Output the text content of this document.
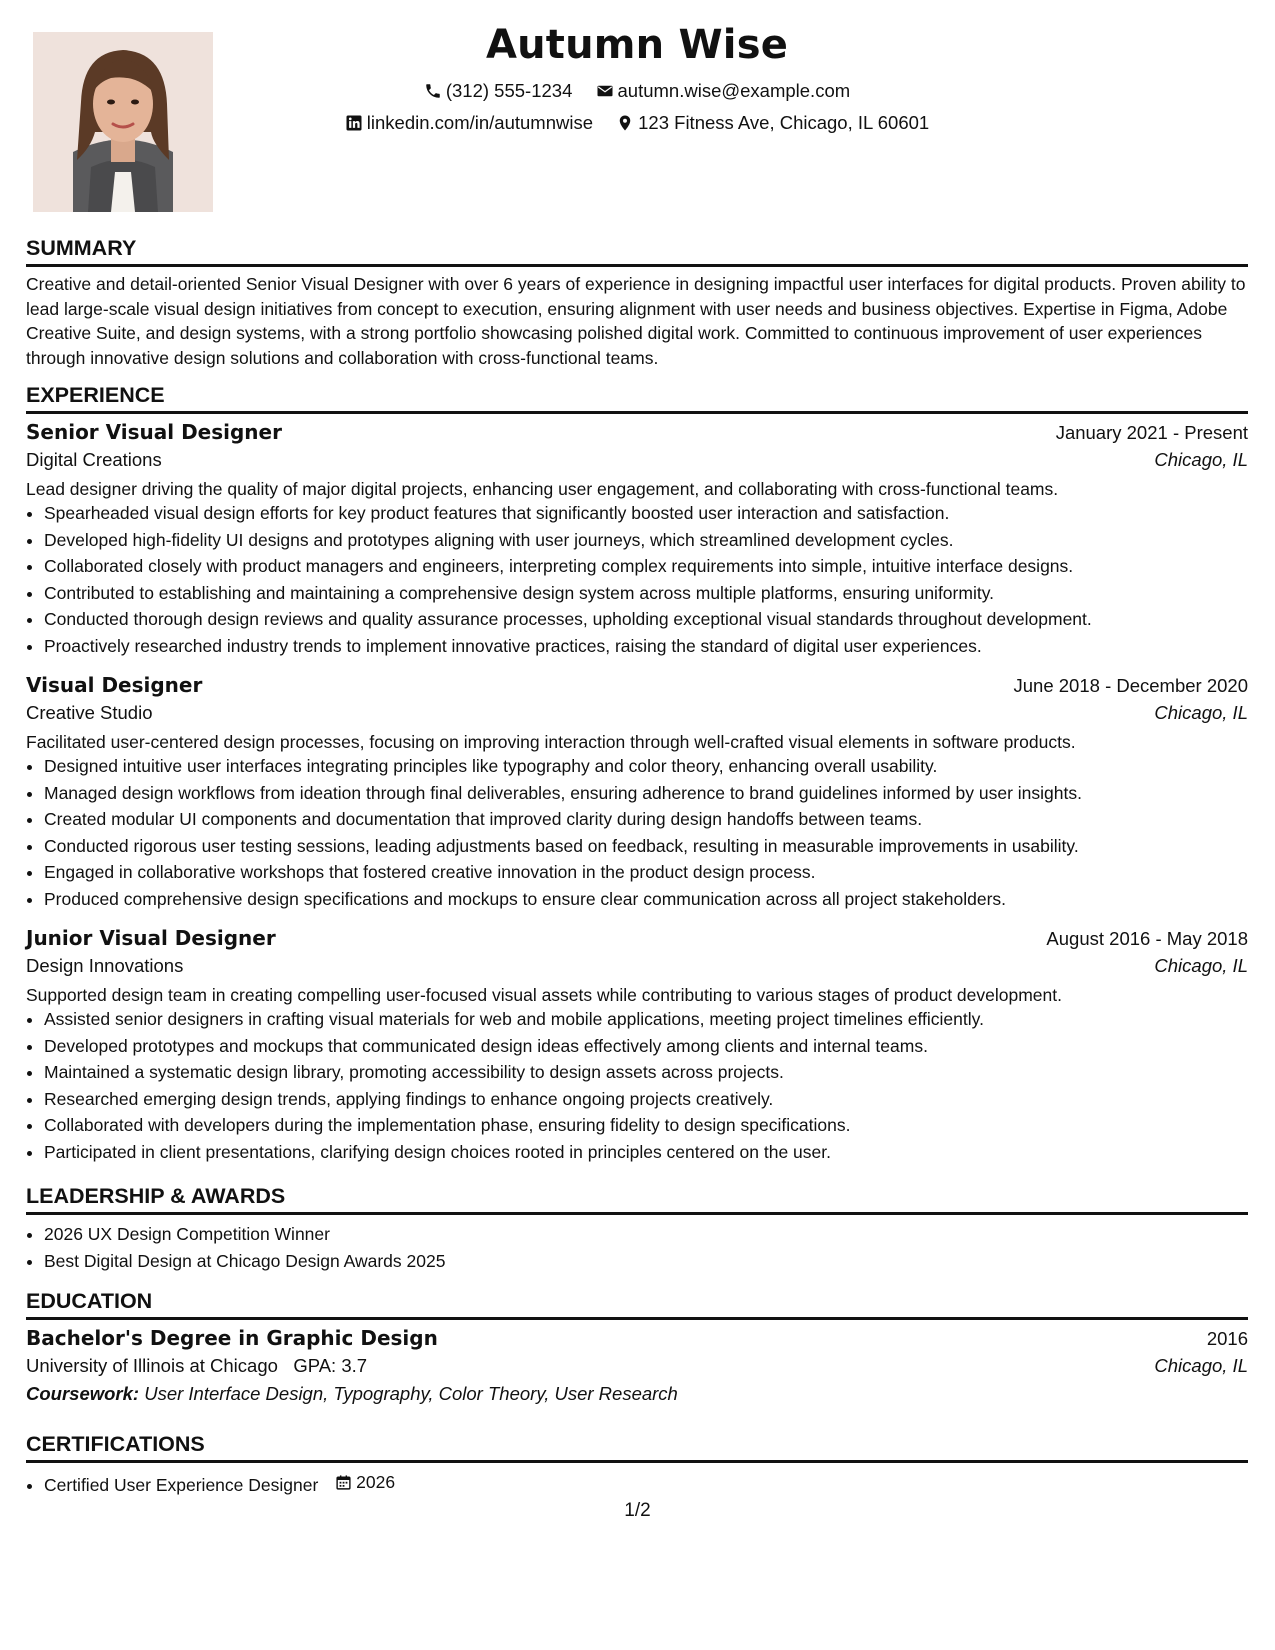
Autumn Wise
(312) 555-1234
autumn.wise@example.com
linkedin.com/in/autumnwise
123 Fitness Ave, Chicago, IL 60601
SUMMARY
Creative and detail-oriented Senior Visual Designer with over 6 years of experience in designing impactful user interfaces for digital products. Proven ability to lead large-scale visual design initiatives from concept to execution, ensuring alignment with user needs and business objectives. Expertise in Figma, Adobe Creative Suite, and design systems, with a strong portfolio showcasing polished digital work. Committed to continuous improvement of user experiences through innovative design solutions and collaboration with cross-functional teams.
EXPERIENCE
Senior Visual Designer	January 2021 - Present
Digital Creations	Chicago, IL
Lead designer driving the quality of major digital projects, enhancing user engagement, and collaborating with cross-functional teams.
• Spearheaded visual design efforts for key product features that significantly boosted user interaction and satisfaction.
• Developed high-fidelity UI designs and prototypes aligning with user journeys, which streamlined development cycles.
• Collaborated closely with product managers and engineers, interpreting complex requirements into simple, intuitive interface designs.
• Contributed to establishing and maintaining a comprehensive design system across multiple platforms, ensuring uniformity.
• Conducted thorough design reviews and quality assurance processes, upholding exceptional visual standards throughout development.
• Proactively researched industry trends to implement innovative practices, raising the standard of digital user experiences.
Visual Designer	June 2018 - December 2020
Creative Studio	Chicago, IL
Facilitated user-centered design processes, focusing on improving interaction through well-crafted visual elements in software products.
• Designed intuitive user interfaces integrating principles like typography and color theory, enhancing overall usability.
• Managed design workflows from ideation through final deliverables, ensuring adherence to brand guidelines informed by user insights.
• Created modular UI components and documentation that improved clarity during design handoffs between teams.
• Conducted rigorous user testing sessions, leading adjustments based on feedback, resulting in measurable improvements in usability.
• Engaged in collaborative workshops that fostered creative innovation in the product design process.
• Produced comprehensive design specifications and mockups to ensure clear communication across all project stakeholders.
Junior Visual Designer	August 2016 - May 2018
Design Innovations	Chicago, IL
Supported design team in creating compelling user-focused visual assets while contributing to various stages of product development.
• Assisted senior designers in crafting visual materials for web and mobile applications, meeting project timelines efficiently.
• Developed prototypes and mockups that communicated design ideas effectively among clients and internal teams.
• Maintained a systematic design library, promoting accessibility to design assets across projects.
• Researched emerging design trends, applying findings to enhance ongoing projects creatively.
• Collaborated with developers during the implementation phase, ensuring fidelity to design specifications.
• Participated in client presentations, clarifying design choices rooted in principles centered on the user.
LEADERSHIP & AWARDS
• 2026 UX Design Competition Winner
• Best Digital Design at Chicago Design Awards 2025
EDUCATION
Bachelor's Degree in Graphic Design	2016
University of Illinois at Chicago GPA: 3.7	Chicago, IL
Coursework: User Interface Design, Typography, Color Theory, User Research
CERTIFICATIONS
• Certified User Experience Designer 2026
1/2
